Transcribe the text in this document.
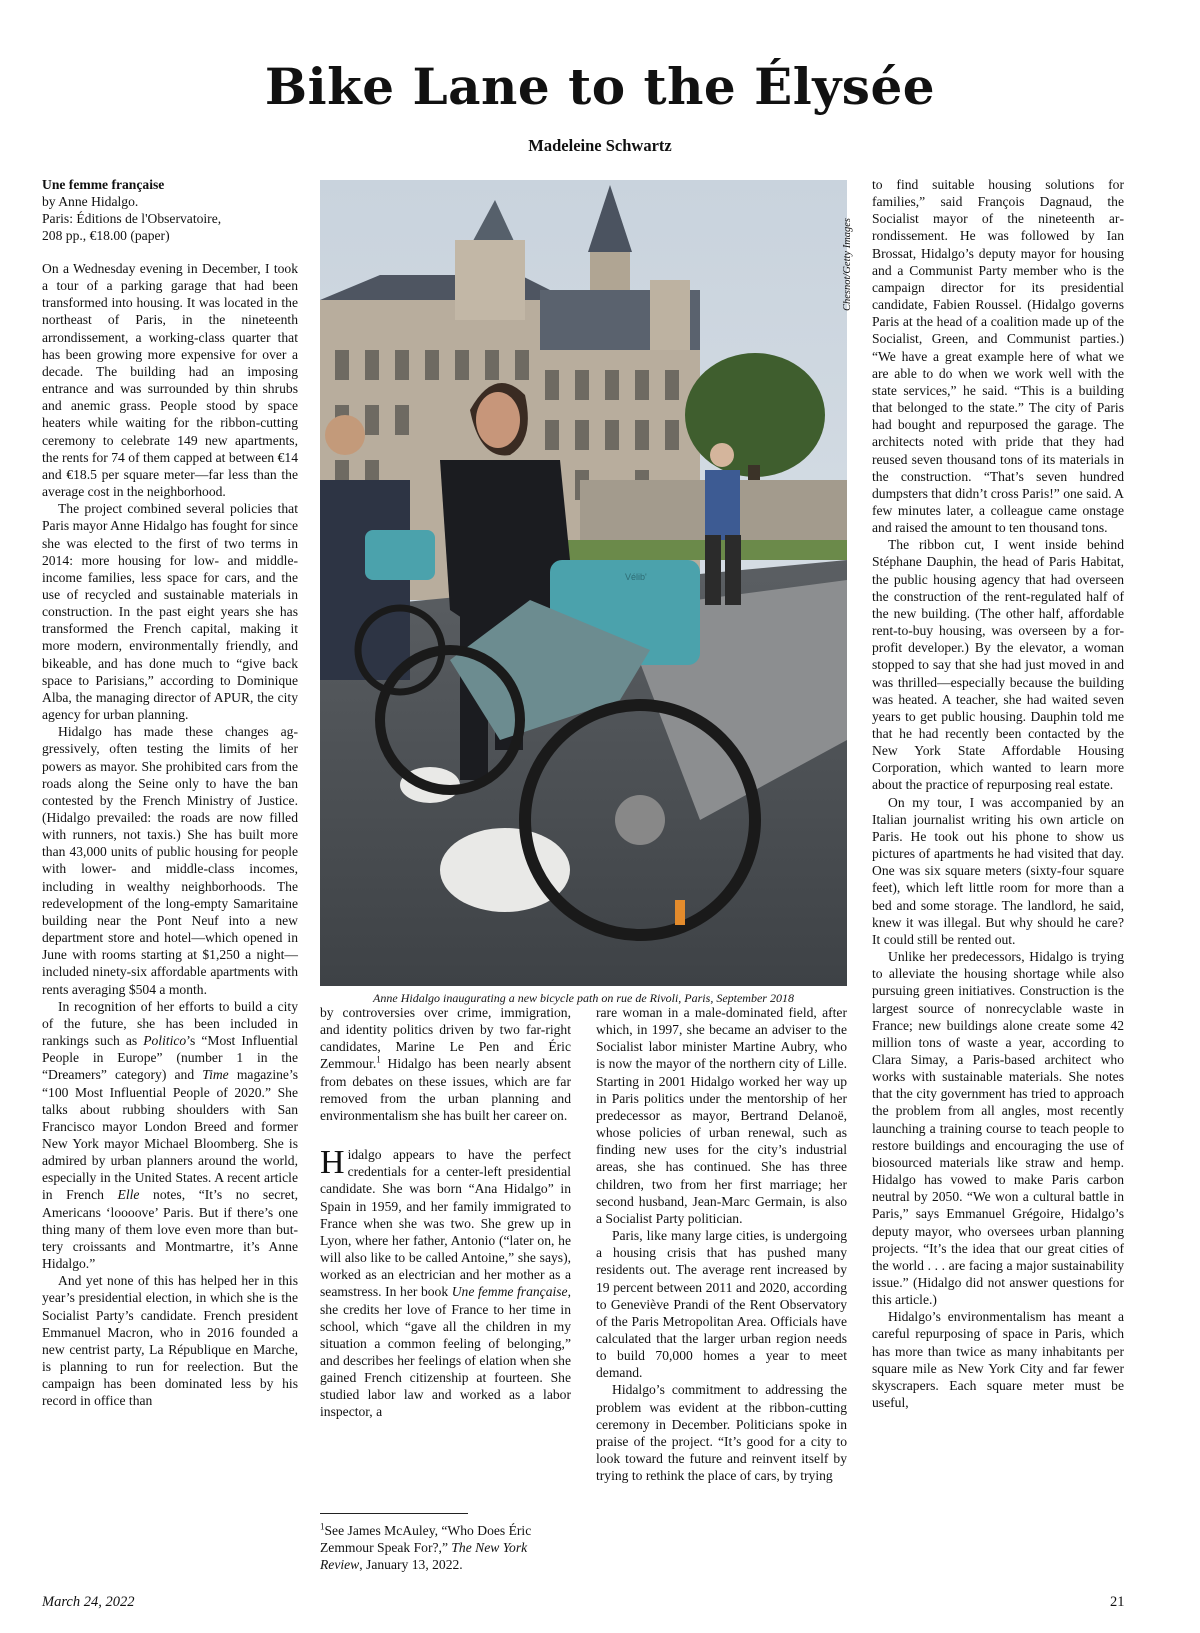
Bike Lane to the Élysée
Madeleine Schwartz
Une femme française
by Anne Hidalgo.
Paris: Éditions de l'Observatoire,
208 pp., €18.00 (paper)

On a Wednesday evening in December, I took a tour of a parking garage that had been transformed into housing. It was located in the northeast of Paris, in the nineteenth arrondissement, a working-class quarter that has been growing more expensive for over a decade. The building had an imposing entrance and was surrounded by thin shrubs and anemic grass. People stood by space heaters while waiting for the ribbon-cutting ceremony to celebrate 149 new apartments, the rents for 74 of them capped at between €14 and €18.5 per square meter—far less than the average cost in the neighborhood.

The project combined several policies that Paris mayor Anne Hidalgo has fought for since she was elected to the first of two terms in 2014: more housing for low- and middle-income families, less space for cars, and the use of recycled and sustainable materials in construction. In the past eight years she has transformed the French capital, making it more modern, environmentally friendly, and bikeable, and has done much to “give back space to Parisians,” according to Dominique Alba, the managing director of APUR, the city agency for urban planning.

Hidalgo has made these changes aggressively, often testing the limits of her powers as mayor. She prohibited cars from the roads along the Seine only to have the ban contested by the French Ministry of Justice. (Hidalgo prevailed: the roads are now filled with runners, not taxis.) She has built more than 43,000 units of public housing for people with lower- and middle-class incomes, including in wealthy neighborhoods. The redevelopment of the long-empty Samaritaine building near the Pont Neuf into a new department store and hotel—which opened in June with rooms starting at $1,250 a night—included ninety-six affordable apartments with rents averaging $504 a month.

In recognition of her efforts to build a city of the future, she has been included in rankings such as Politico’s “Most Influential People in Europe” (number 1 in the “Dreamers” category) and Time magazine’s “100 Most Influential People of 2020.” She talks about rubbing shoulders with San Francisco mayor London Breed and former New York mayor Michael Bloomberg. She is admired by urban planners around the world, especially in the United States. A recent article in French Elle notes, “It’s no secret, Americans ‘loooove’ Paris. But if there’s one thing many of them love even more than buttery croissants and Montmartre, it’s Anne Hidalgo.”

And yet none of this has helped her in this year’s presidential election, in which she is the Socialist Party’s candidate. French president Emmanuel Macron, who in 2016 founded a new centrist party, La République en Marche, is planning to run for reelection. But the campaign has been dominated less by his record in office than

Vélib'
Chesnot/Getty Images
Anne Hidalgo inaugurating a new bicycle path on rue de Rivoli, Paris, September 2018

by controversies over crime, immigration, and identity politics driven by two far-right candidates, Marine Le Pen and Éric Zemmour.$^1$ Hidalgo has been nearly absent from debates on these issues, which are far removed from the urban planning and environmentalism she has built her career on.

Hidalgo appears to have the perfect credentials for a center-left presidential candidate. She was born “Ana Hidalgo” in Spain in 1959, and her family immigrated to France when she was two. She grew up in Lyon, where her father, Antonio (“later on, he will also like to be called Antoine,” she says), worked as an electrician and her mother as a seamstress. In her book Une femme française, she credits her love of France to her time in school, which “gave all the children in my situation a common feeling of belonging,” and describes her feelings of elation when she gained French citizenship at fourteen. She studied labor law and worked as a labor inspector, a

$^1$See James McAuley, “Who Does Éric Zemmour Speak For?,” The New York Review, January 13, 2022.

rare woman in a male-dominated field, after which, in 1997, she became an adviser to the Socialist labor minister Martine Aubry, who is now the mayor of the northern city of Lille. Starting in 2001 Hidalgo worked her way up in Paris politics under the mentorship of her predecessor as mayor, Bertrand Delanoë, whose policies of urban renewal, such as finding new uses for the city’s industrial areas, she has continued. She has three children, two from her first marriage; her second husband, Jean-Marc Germain, is also a Socialist Party politician.

Paris, like many large cities, is undergoing a housing crisis that has pushed many residents out. The average rent increased by 19 percent between 2011 and 2020, according to Geneviève Prandi of the Rent Observatory of the Paris Metropolitan Area. Officials have calculated that the larger urban region needs to build 70,000 homes a year to meet demand.

Hidalgo’s commitment to addressing the problem was evident at the ribbon-cutting ceremony in December. Politicians spoke in praise of the project. “It’s good for a city to look toward the future and reinvent itself by trying to rethink the place of cars, by trying

to find suitable housing solutions for families,” said François Dagnaud, the Socialist mayor of the nineteenth arrondissement. He was followed by Ian Brossat, Hidalgo’s deputy mayor for housing and a Communist Party member who is the campaign director for its presidential candidate, Fabien Roussel. (Hidalgo governs Paris at the head of a coalition made up of the Socialist, Green, and Communist parties.) “We have a great example here of what we are able to do when we work well with the state services,” he said. “This is a building that belonged to the state.” The city of Paris had bought and repurposed the garage. The architects noted with pride that they had reused seven thousand tons of its materials in the construction. “That’s seven hundred dumpsters that didn’t cross Paris!” one said. A few minutes later, a colleague came onstage and raised the amount to ten thousand tons.

The ribbon cut, I went inside behind Stéphane Dauphin, the head of Paris Habitat, the public housing agency that had overseen the construction of the rent-regulated half of the new building. (The other half, affordable rent-to-buy housing, was overseen by a for-profit developer.) By the elevator, a woman stopped to say that she had just moved in and was thrilled—especially because the building was heated. A teacher, she had waited seven years to get public housing. Dauphin told me that he had recently been contacted by the New York State Affordable Housing Corporation, which wanted to learn more about the practice of repurposing real estate.

On my tour, I was accompanied by an Italian journalist writing his own article on Paris. He took out his phone to show us pictures of apartments he had visited that day. One was six square meters (sixty-four square feet), which left little room for more than a bed and some storage. The landlord, he said, knew it was illegal. But why should he care? It could still be rented out.

Unlike her predecessors, Hidalgo is trying to alleviate the housing shortage while also pursuing green initiatives. Construction is the largest source of nonrecyclable waste in France; new buildings alone create some 42 million tons of waste a year, according to Clara Simay, a Paris-based architect who works with sustainable materials. She notes that the city government has tried to approach the problem from all angles, most recently launching a training course to teach people to restore buildings and encouraging the use of biosourced materials like straw and hemp. Hidalgo has vowed to make Paris carbon neutral by 2050. “We won a cultural battle in Paris,” says Emmanuel Grégoire, Hidalgo’s deputy mayor, who oversees urban planning projects. “It’s the idea that our great cities of the world . . . are facing a major sustainability issue.” (Hidalgo did not answer questions for this article.)

Hidalgo’s environmentalism has meant a careful repurposing of space in Paris, which has more than twice as many inhabitants per square mile as New York City and far fewer skyscrapers. Each square meter must be useful,

March 24, 2022	21
